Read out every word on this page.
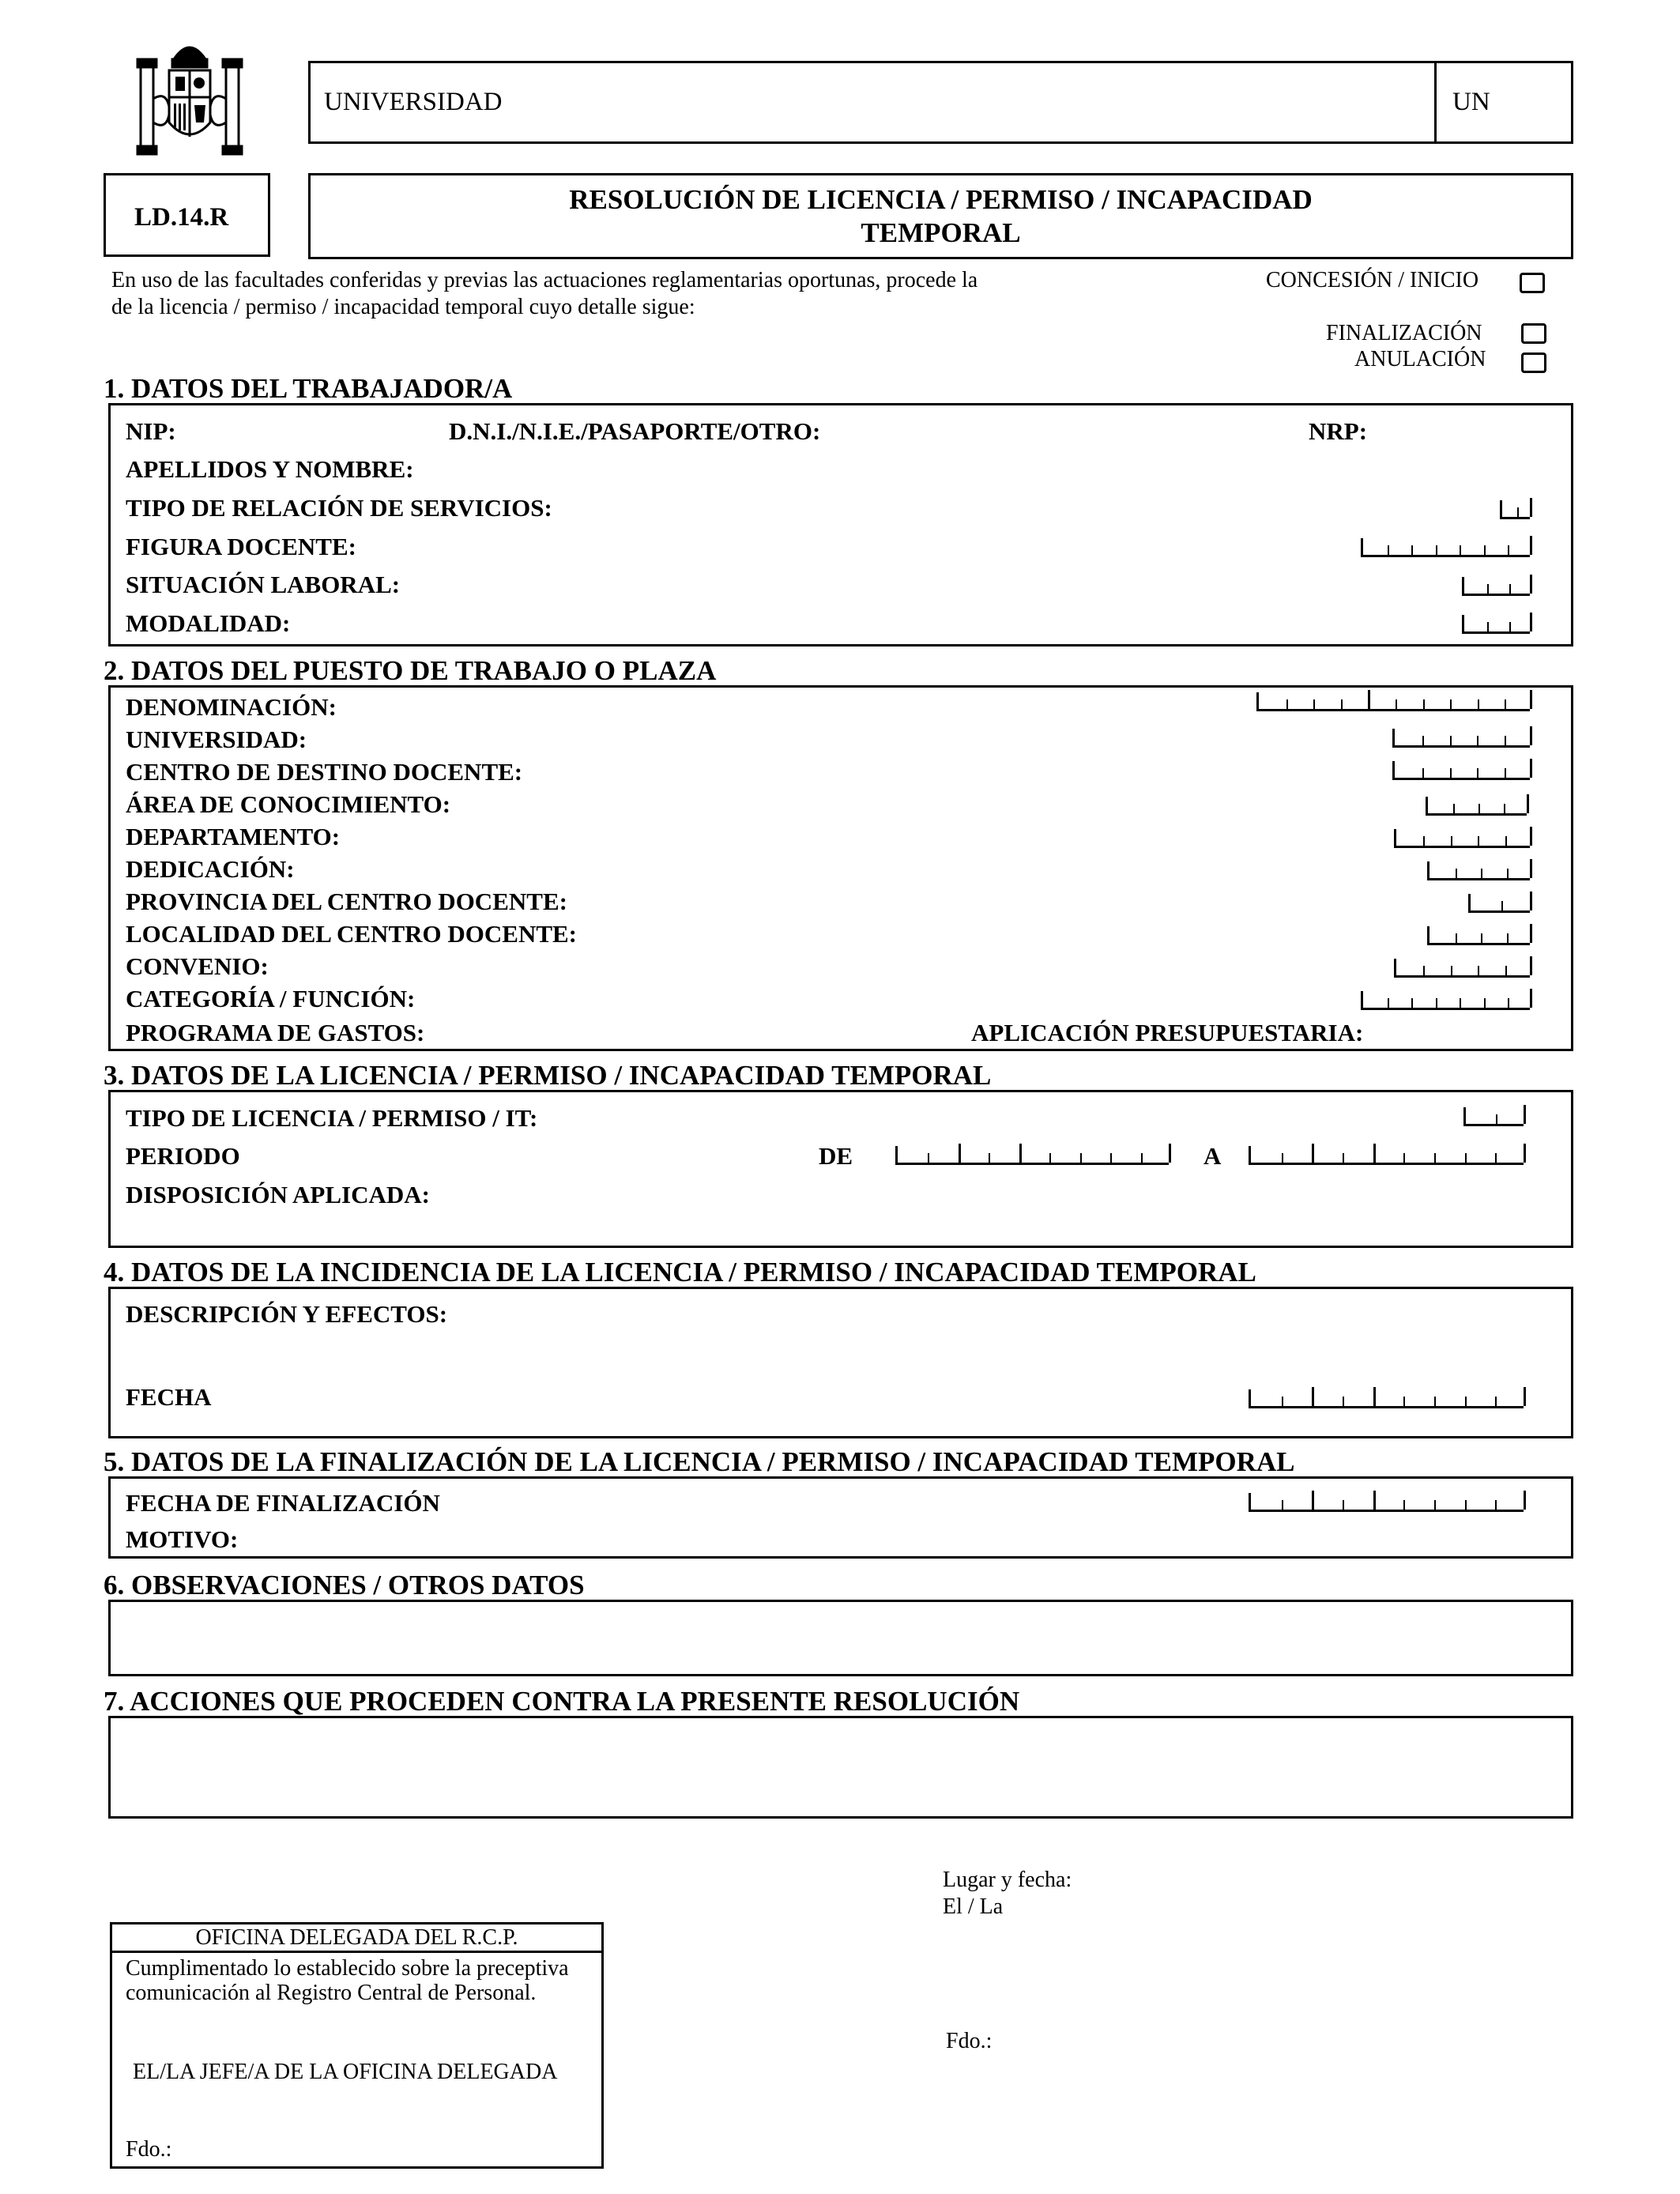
UNIVERSIDAD	UN
LD.14.R
RESOLUCIÓN DE LICENCIA / PERMISO / INCAPACIDAD
TEMPORAL
En uso de las facultades conferidas y previas las actuaciones reglamentarias oportunas, procede la
de la licencia / permiso / incapacidad temporal cuyo detalle sigue:
CONCESIÓN / INICIO
FINALIZACIÓN
ANULACIÓN
1. DATOS DEL TRABAJADOR/A
NIP:	D.N.I./N.I.E./PASAPORTE/OTRO:	NRP:
APELLIDOS Y NOMBRE:
TIPO DE RELACIÓN DE SERVICIOS:
FIGURA DOCENTE:
SITUACIÓN LABORAL:
MODALIDAD:
2. DATOS DEL PUESTO DE TRABAJO O PLAZA
DENOMINACIÓN:
UNIVERSIDAD:
CENTRO DE DESTINO DOCENTE:
ÁREA DE CONOCIMIENTO:
DEPARTAMENTO:
DEDICACIÓN:
PROVINCIA DEL CENTRO DOCENTE:
LOCALIDAD DEL CENTRO DOCENTE:
CONVENIO:
CATEGORÍA / FUNCIÓN:
PROGRAMA DE GASTOS:	APLICACIÓN PRESUPUESTARIA:
3. DATOS DE LA LICENCIA / PERMISO / INCAPACIDAD TEMPORAL
TIPO DE LICENCIA / PERMISO / IT:
PERIODO	DE	A
DISPOSICIÓN APLICADA:
4. DATOS DE LA INCIDENCIA DE LA LICENCIA / PERMISO / INCAPACIDAD TEMPORAL
DESCRIPCIÓN Y EFECTOS:
FECHA
5. DATOS DE LA FINALIZACIÓN DE LA LICENCIA / PERMISO / INCAPACIDAD TEMPORAL
FECHA DE FINALIZACIÓN
MOTIVO:
6. OBSERVACIONES / OTROS DATOS
7. ACCIONES QUE PROCEDEN CONTRA LA PRESENTE RESOLUCIÓN
Lugar y fecha:
El / La
Fdo.:
OFICINA DELEGADA DEL R.C.P.
Cumplimentado lo establecido sobre la preceptiva
comunicación al Registro Central de Personal.
EL/LA JEFE/A DE LA OFICINA DELEGADA
Fdo.:
